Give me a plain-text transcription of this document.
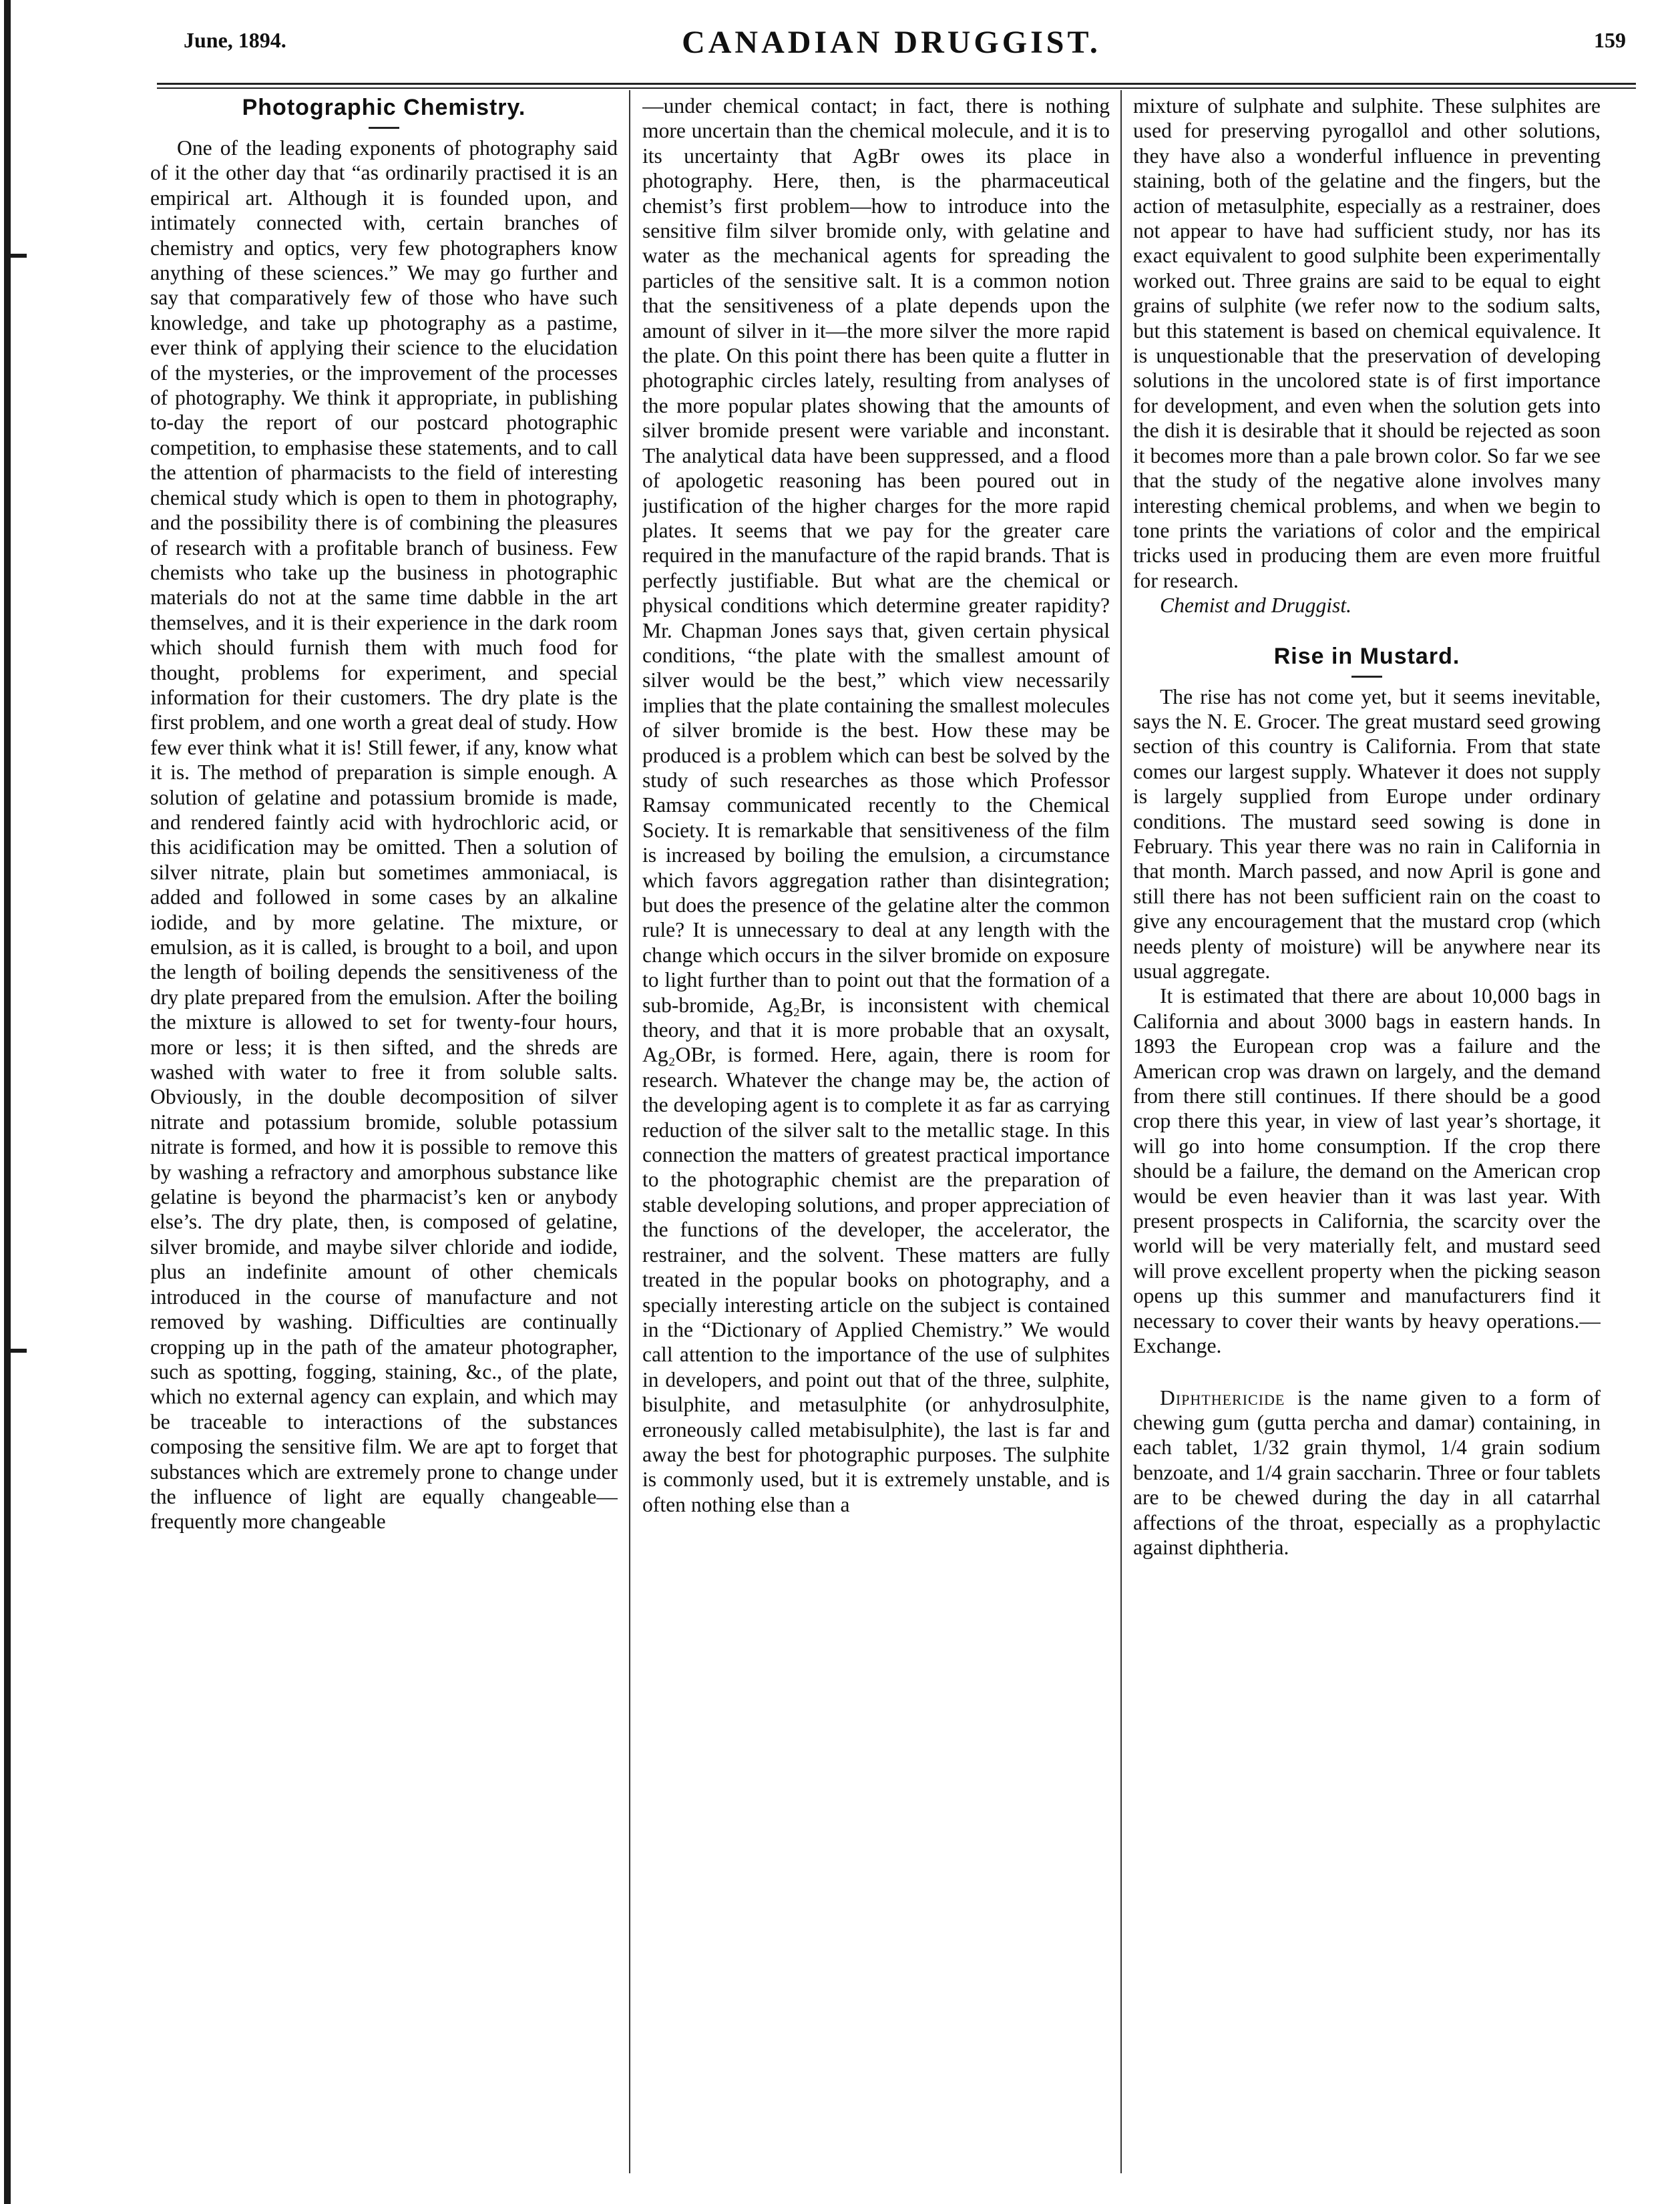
June, 1894.	CANADIAN DRUGGIST.	159
Photographic Chemistry.

One of the leading exponents of photography said of it the other day that “as ordinarily practised it is an empirical art. Although it is founded upon, and intimately connected with, certain branches of chemistry and optics, very few photographers know anything of these sciences.” We may go further and say that comparatively few of those who have such knowledge, and take up photography as a pastime, ever think of applying their science to the elucidation of the mysteries, or the improvement of the processes of photography. We think it appropriate, in publishing to-day the report of our postcard photographic competition, to emphasise these statements, and to call the attention of pharmacists to the field of interesting chemical study which is open to them in photography, and the possibility there is of combining the pleasures of research with a profitable branch of business. Few chemists who take up the business in photographic materials do not at the same time dabble in the art themselves, and it is their experience in the dark room which should furnish them with much food for thought, problems for experiment, and special information for their customers. The dry plate is the first problem, and one worth a great deal of study. How few ever think what it is! Still fewer, if any, know what it is. The method of preparation is simple enough. A solution of gelatine and potassium bromide is made, and rendered faintly acid with hydrochloric acid, or this acidification may be omitted. Then a solution of silver nitrate, plain but sometimes ammoniacal, is added and followed in some cases by an alkaline iodide, and by more gelatine. The mixture, or emulsion, as it is called, is brought to a boil, and upon the length of boiling depends the sensitiveness of the dry plate prepared from the emulsion. After the boiling the mixture is allowed to set for twenty-four hours, more or less; it is then sifted, and the shreds are washed with water to free it from soluble salts. Obviously, in the double decomposition of silver nitrate and potassium bromide, soluble potassium nitrate is formed, and how it is possible to remove this by washing a refractory and amorphous substance like gelatine is beyond the pharmacist’s ken or anybody else’s. The dry plate, then, is composed of gelatine, silver bromide, and maybe silver chloride and iodide, plus an indefinite amount of other chemicals introduced in the course of manufacture and not removed by washing. Difficulties are continually cropping up in the path of the amateur photographer, such as spotting, fogging, staining, &c., of the plate, which no external agency can explain, and which may be traceable to interactions of the substances composing the sensitive film. We are apt to forget that substances which are extremely prone to change under the influence of light are equally changeable—frequently more changeable

—under chemical contact; in fact, there is nothing more uncertain than the chemical molecule, and it is to its uncertainty that AgBr owes its place in photography. Here, then, is the pharmaceutical chemist’s first problem—how to introduce into the sensitive film silver bromide only, with gelatine and water as the mechanical agents for spreading the particles of the sensitive salt. It is a common notion that the sensitiveness of a plate depends upon the amount of silver in it—the more silver the more rapid the plate. On this point there has been quite a flutter in photographic circles lately, resulting from analyses of the more popular plates showing that the amounts of silver bromide present were variable and inconstant. The analytical data have been suppressed, and a flood of apologetic reasoning has been poured out in justification of the higher charges for the more rapid plates. It seems that we pay for the greater care required in the manufacture of the rapid brands. That is perfectly justifiable. But what are the chemical or physical conditions which determine greater rapidity? Mr. Chapman Jones says that, given certain physical conditions, “the plate with the smallest amount of silver would be the best,” which view necessarily implies that the plate containing the smallest molecules of silver bromide is the best. How these may be produced is a problem which can best be solved by the study of such researches as those which Professor Ramsay communicated recently to the Chemical Society. It is remarkable that sensitiveness of the film is increased by boiling the emulsion, a circumstance which favors aggregation rather than disintegration; but does the presence of the gelatine alter the common rule? It is unnecessary to deal at any length with the change which occurs in the silver bromide on exposure to light further than to point out that the formation of a sub-bromide, Ag₂Br, is inconsistent with chemical theory, and that it is more probable that an oxysalt, Ag₂OBr, is formed. Here, again, there is room for research. Whatever the change may be, the action of the developing agent is to complete it as far as carrying reduction of the silver salt to the metallic stage. In this connection the matters of greatest practical importance to the photographic chemist are the preparation of stable developing solutions, and proper appreciation of the functions of the developer, the accelerator, the restrainer, and the solvent. These matters are fully treated in the popular books on photography, and a specially interesting article on the subject is contained in the “Dictionary of Applied Chemistry.” We would call attention to the importance of the use of sulphites in developers, and point out that of the three, sulphite, bisulphite, and metasulphite (or anhydrosulphite, erroneously called metabisulphite), the last is far and away the best for photographic purposes. The sulphite is commonly used, but it is extremely unstable, and is often nothing else than a

mixture of sulphate and sulphite. These sulphites are used for preserving pyrogallol and other solutions, they have also a wonderful influence in preventing staining, both of the gelatine and the fingers, but the action of metasulphite, especially as a restrainer, does not appear to have had sufficient study, nor has its exact equivalent to good sulphite been experimentally worked out. Three grains are said to be equal to eight grains of sulphite (we refer now to the sodium salts, but this statement is based on chemical equivalence. It is unquestionable that the preservation of developing solutions in the uncolored state is of first importance for development, and even when the solution gets into the dish it is desirable that it should be rejected as soon it becomes more than a pale brown color. So far we see that the study of the negative alone involves many interesting chemical problems, and when we begin to tone prints the variations of color and the empirical tricks used in producing them are even more fruitful for research.

Chemist and Druggist.

Rise in Mustard.

The rise has not come yet, but it seems inevitable, says the N. E. Grocer. The great mustard seed growing section of this country is California. From that state comes our largest supply. Whatever it does not supply is largely supplied from Europe under ordinary conditions. The mustard seed sowing is done in February. This year there was no rain in California in that month. March passed, and now April is gone and still there has not been sufficient rain on the coast to give any encouragement that the mustard crop (which needs plenty of moisture) will be anywhere near its usual aggregate.

It is estimated that there are about 10,000 bags in California and about 3000 bags in eastern hands. In 1893 the European crop was a failure and the American crop was drawn on largely, and the demand from there still continues. If there should be a good crop there this year, in view of last year’s shortage, it will go into home consumption. If the crop there should be a failure, the demand on the American crop would be even heavier than it was last year. With present prospects in California, the scarcity over the world will be very materially felt, and mustard seed will prove excellent property when the picking season opens up this summer and manufacturers find it necessary to cover their wants by heavy operations.—Exchange.

Diphthericide is the name given to a form of chewing gum (gutta percha and damar) containing, in each tablet, 1/32 grain thymol, 1/4 grain sodium benzoate, and 1/4 grain saccharin. Three or four tablets are to be chewed during the day in all catarrhal affections of the throat, especially as a prophylactic against diphtheria.
